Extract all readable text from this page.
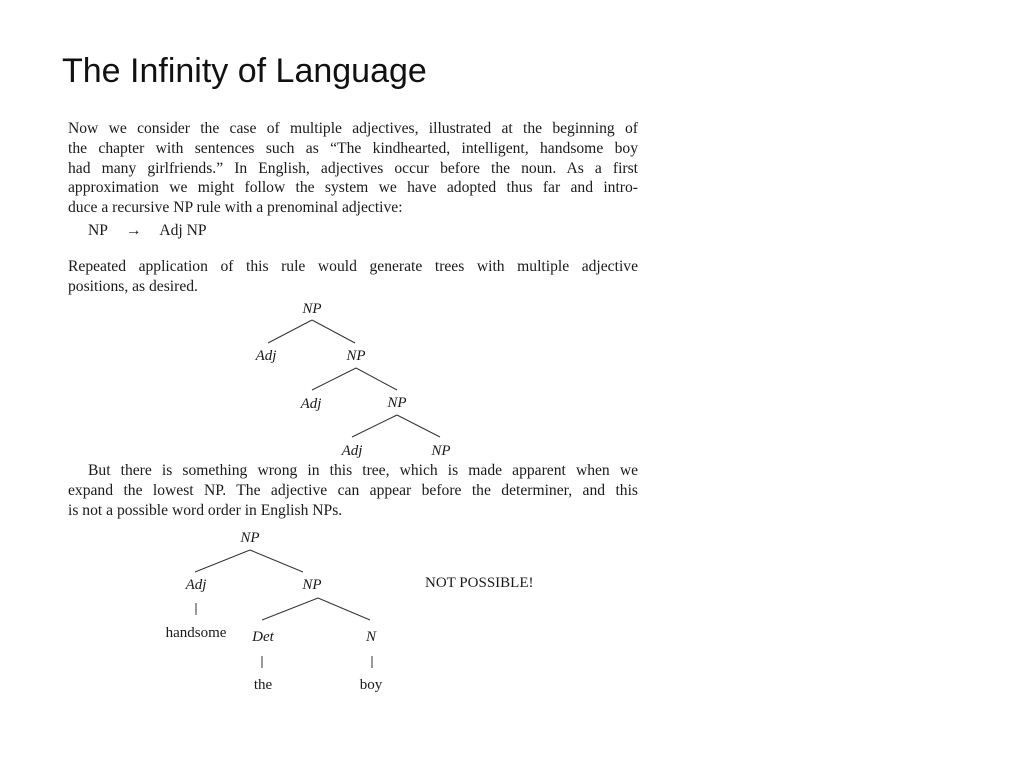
The Infinity of Language
Now we consider the case of multiple adjectives, illustrated at the beginning of
the chapter with sentences such as “The kindhearted, intelligent, handsome boy
had many girlfriends.” In English, adjectives occur before the noun. As a first
approximation we might follow the system we have adopted thus far and intro-
duce a recursive NP rule with a prenominal adjective:
NP → Adj NP
Repeated application of this rule would generate trees with multiple adjective
positions, as desired.
NP
Adj	NP
Adj	NP
Adj	NP
NP
Adj
handsome
NP
Det
the
N
boy
But there is something wrong in this tree, which is made apparent when we
expand the lowest NP. The adjective can appear before the determiner, and this
is not a possible word order in English NPs.
NOT POSSIBLE!
